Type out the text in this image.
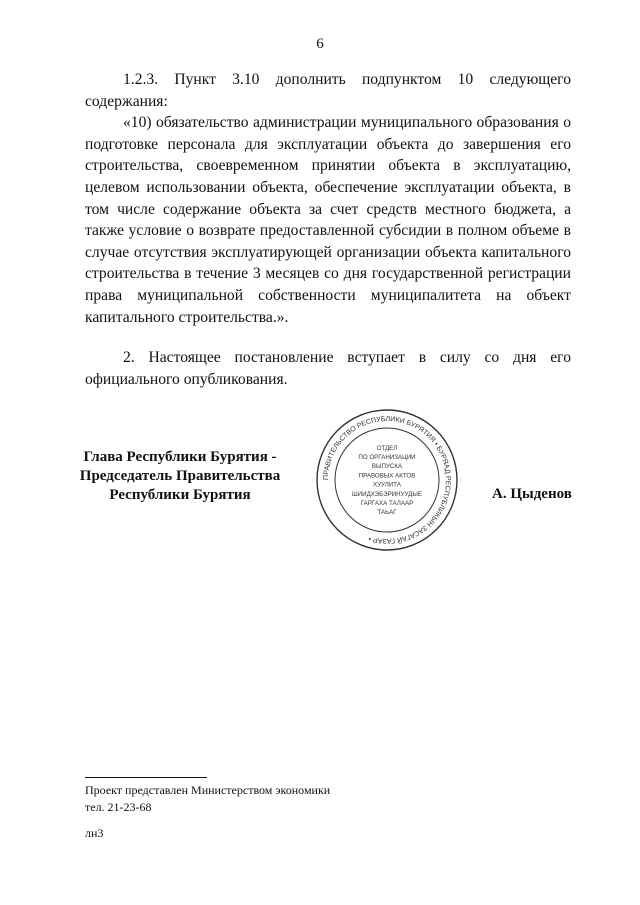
6

1.2.3. Пункт 3.10 дополнить подпунктом 10 следующего содержания:

«10) обязательство администрации муниципального образования о подготовке персонала для эксплуатации объекта до завершения его строительства, своевременном принятии объекта в эксплуатацию, целевом использовании объекта, обеспечение эксплуатации объекта, в том числе содержание объекта за счет средств местного бюджета, а также условие о возврате предоставленной субсидии в полном объеме в случае отсутствия эксплуатирующей организации объекта капитального строительства в течение 3 месяцев со дня государственной регистрации права муниципальной собственности муниципалитета на объект капитального строительства.».

2. Настоящее постановление вступает в силу со дня его официального опубликования.

Глава Республики Бурятия -
Председатель Правительства
Республики Бурятия
ПРАВИТЕЛЬСТВО РЕСПУБЛИКИ БУРЯТИЯ • БУРЯАД РЕСПУБЛИКЫН ЗАСАГАЙ ГАЗАР •
ОТДЕЛ
ПО ОРГАНИЗАЦИИ
ВЫПУСКА
ПРАВОВЫХ АКТОВ
ХУУЛИТА
ШИИДХЭБЭРИНУУДЫЕ
ГАРГАХА ТАЛААР
ТАЬАГ
А. Цыденов
Проект представлен Министерством экономики
тел. 21-23-68
лн3
